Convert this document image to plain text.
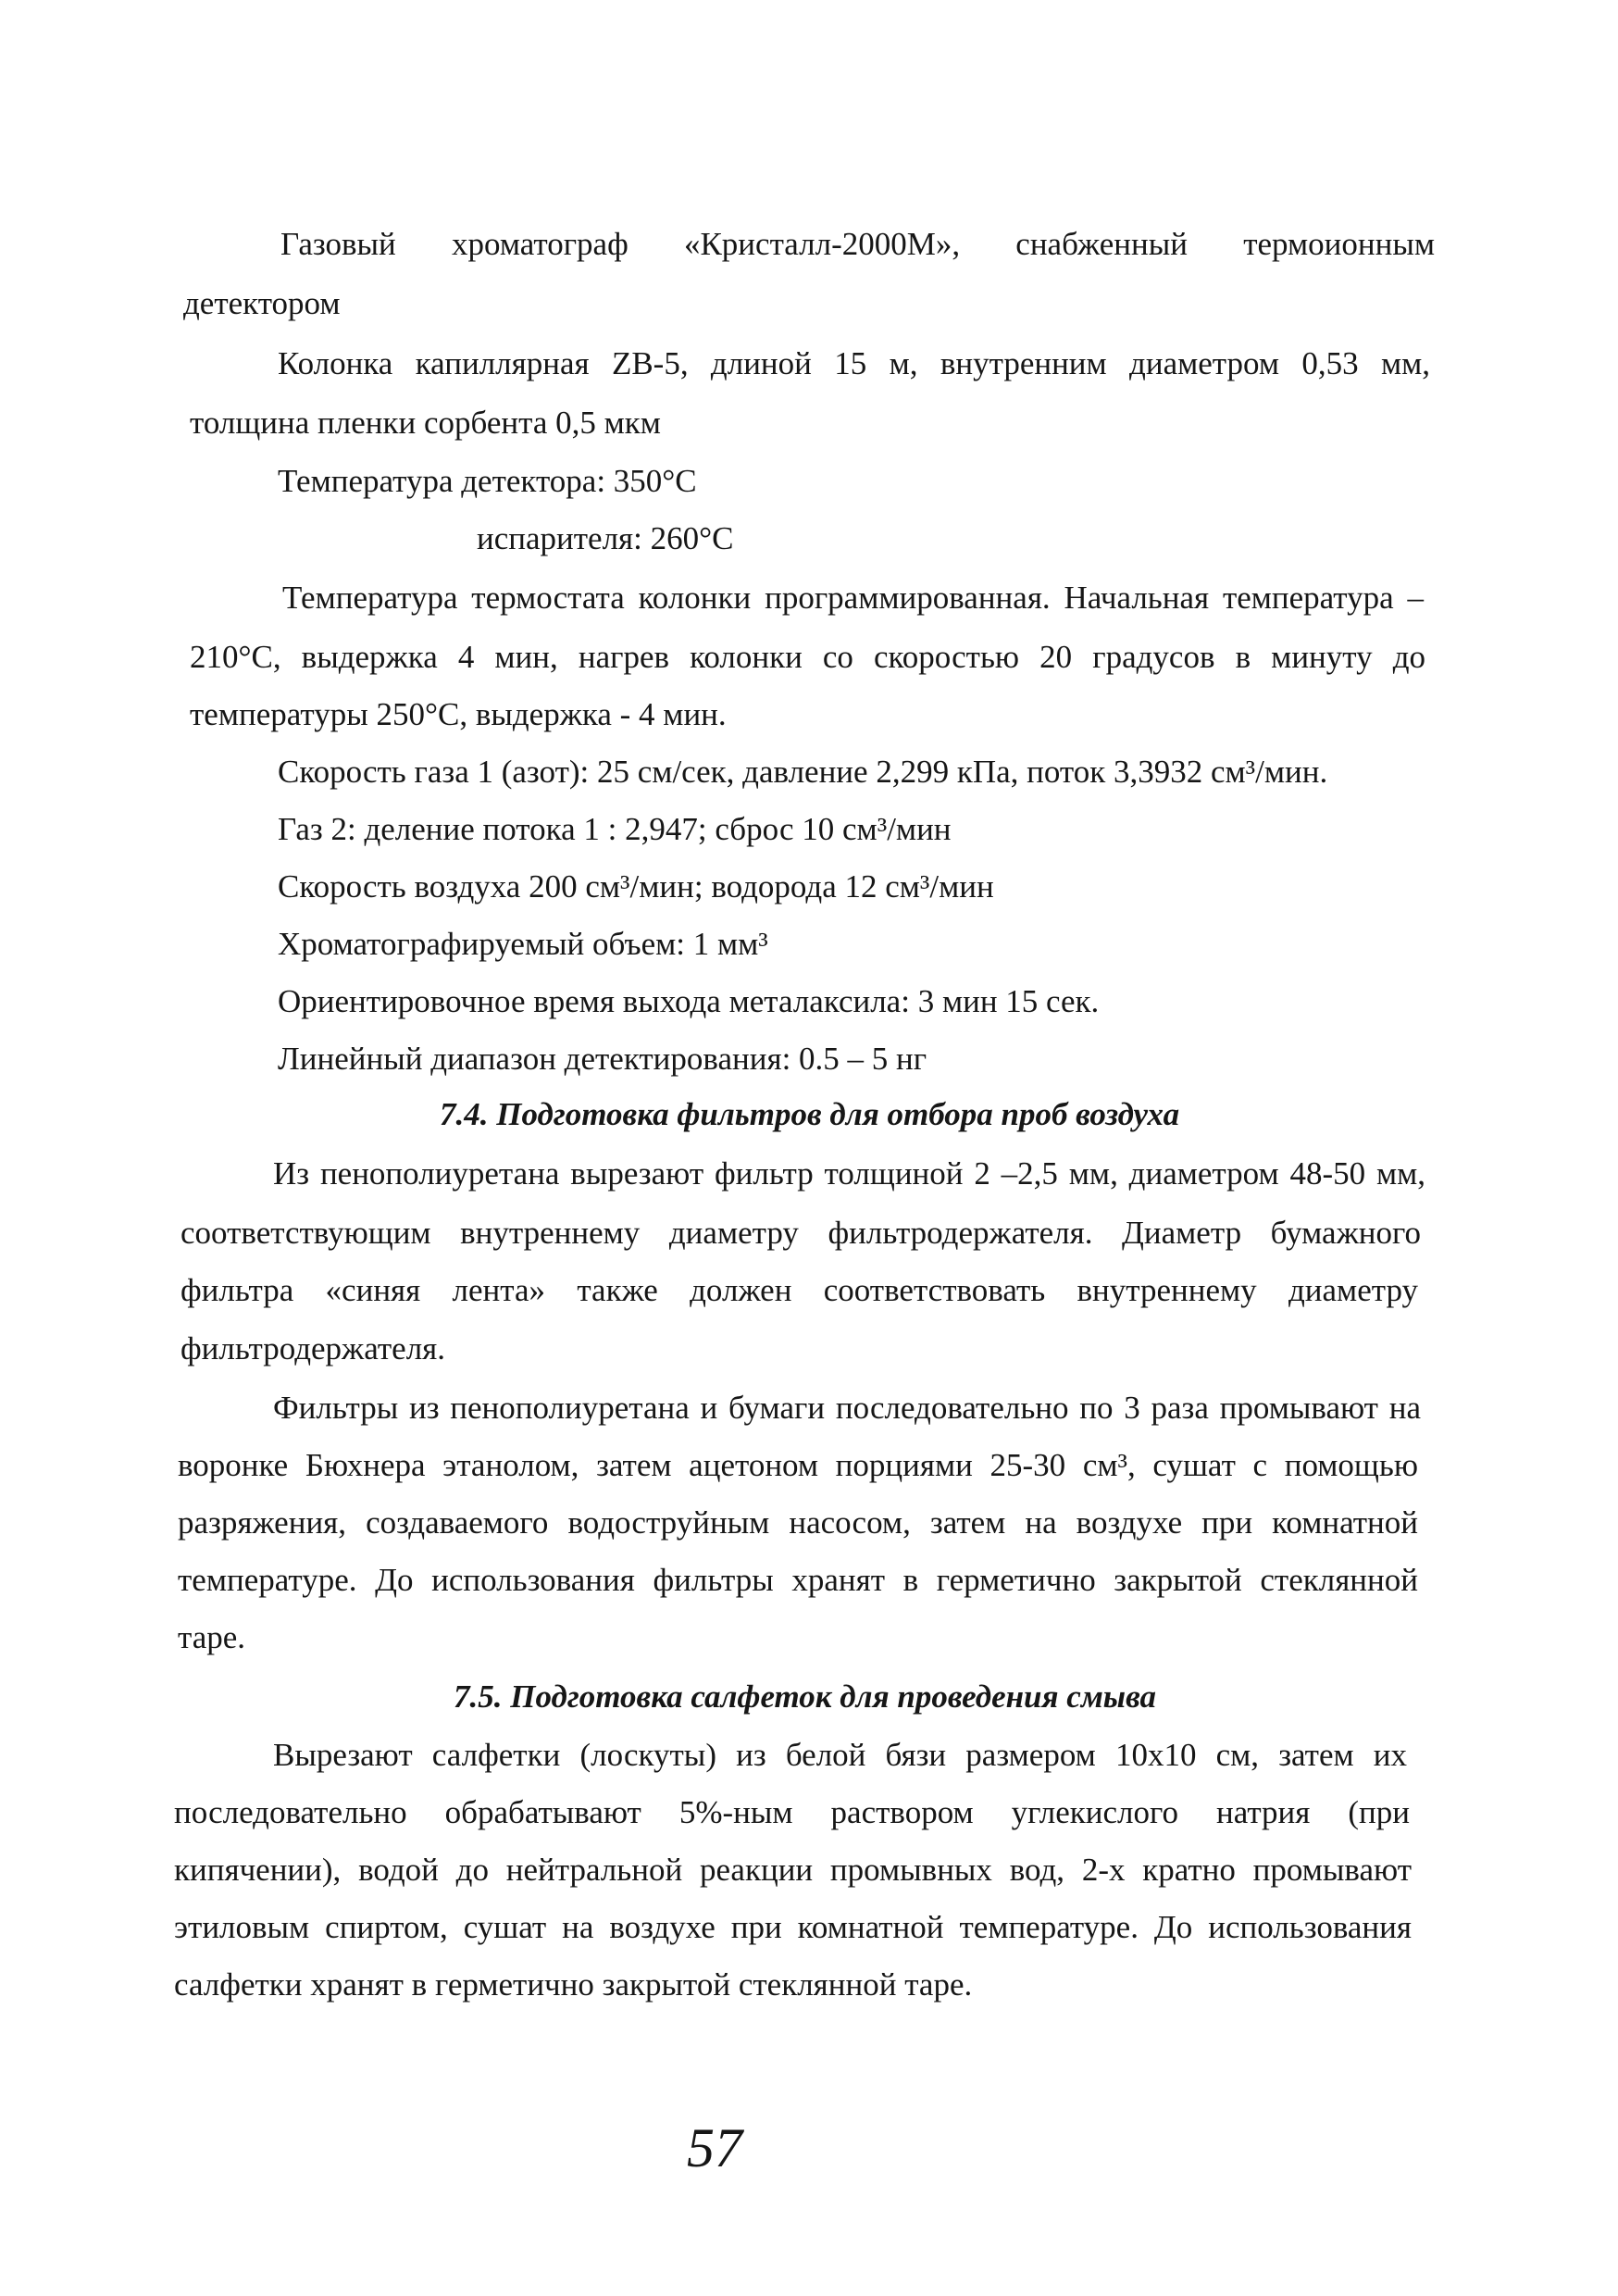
Газовый хроматограф «Кристалл-2000М», снабженный термоионным
детектором
Колонка капиллярная ZB-5, длиной 15 м, внутренним диаметром 0,53 мм,
толщина пленки сорбента 0,5 мкм
Температура детектора: 350°С
испарителя: 260°С
Температура термостата колонки программированная. Начальная температура –
210°С, выдержка 4 мин, нагрев колонки со скоростью 20 градусов в минуту до
температуры 250°С, выдержка - 4 мин.
Скорость газа 1 (азот): 25 см/сек, давление 2,299 кПа, поток 3,3932 см³/мин.
Газ 2: деление потока 1 : 2,947; сброс 10 см³/мин
Скорость воздуха 200 см³/мин; водорода 12 см³/мин
Хроматографируемый объем: 1 мм³
Ориентировочное время выхода металаксила: 3 мин 15 сек.
Линейный диапазон детектирования: 0.5 – 5 нг
7.4. Подготовка фильтров для отбора проб воздуха
Из пенополиуретана вырезают фильтр толщиной 2 –2,5 мм, диаметром 48-50 мм,
соответствующим внутреннему диаметру фильтродержателя. Диаметр бумажного
фильтра «синяя лента» также должен соответствовать внутреннему диаметру
фильтродержателя.
Фильтры из пенополиуретана и бумаги последовательно по 3 раза промывают на
воронке Бюхнера этанолом, затем ацетоном порциями 25-30 см³, сушат с помощью
разряжения, создаваемого водоструйным насосом, затем на воздухе при комнатной
температуре. До использования фильтры хранят в герметично закрытой стеклянной
таре.
7.5. Подготовка салфеток для проведения смыва
Вырезают салфетки (лоскуты) из белой бязи размером 10х10 см, затем их
последовательно обрабатывают 5%-ным раствором углекислого натрия (при
кипячении), водой до нейтральной реакции промывных вод, 2-х кратно промывают
этиловым спиртом, сушат на воздухе при комнатной температуре. До использования
салфетки хранят в герметично закрытой стеклянной таре.
57
